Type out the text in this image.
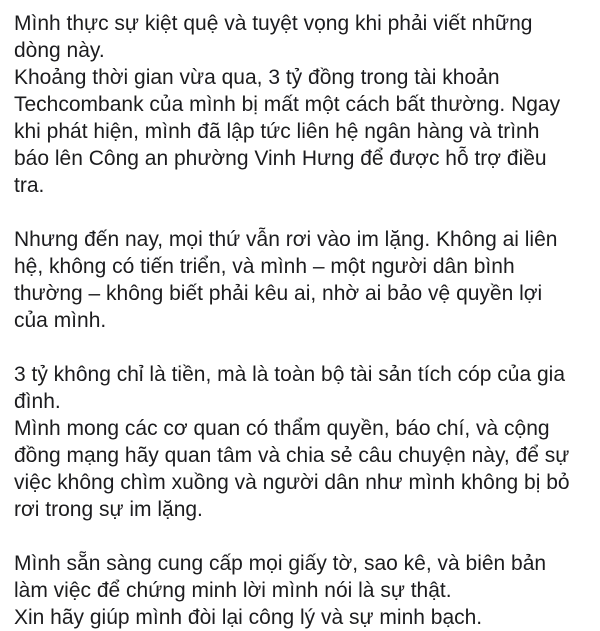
Mình thực sự kiệt quệ và tuyệt vọng khi phải viết những
dòng này.
Khoảng thời gian vừa qua, 3 tỷ đồng trong tài khoản
Techcombank của mình bị mất một cách bất thường. Ngay
khi phát hiện, mình đã lập tức liên hệ ngân hàng và trình
báo lên Công an phường Vinh Hưng để được hỗ trợ điều
tra.

Nhưng đến nay, mọi thứ vẫn rơi vào im lặng. Không ai liên
hệ, không có tiến triển, và mình – một người dân bình
thường – không biết phải kêu ai, nhờ ai bảo vệ quyền lợi
của mình.

3 tỷ không chỉ là tiền, mà là toàn bộ tài sản tích cóp của gia
đình.
Mình mong các cơ quan có thẩm quyền, báo chí, và cộng
đồng mạng hãy quan tâm và chia sẻ câu chuyện này, để sự
việc không chìm xuồng và người dân như mình không bị bỏ
rơi trong sự im lặng.

Mình sẵn sàng cung cấp mọi giấy tờ, sao kê, và biên bản
làm việc để chứng minh lời mình nói là sự thật.
Xin hãy giúp mình đòi lại công lý và sự minh bạch.
